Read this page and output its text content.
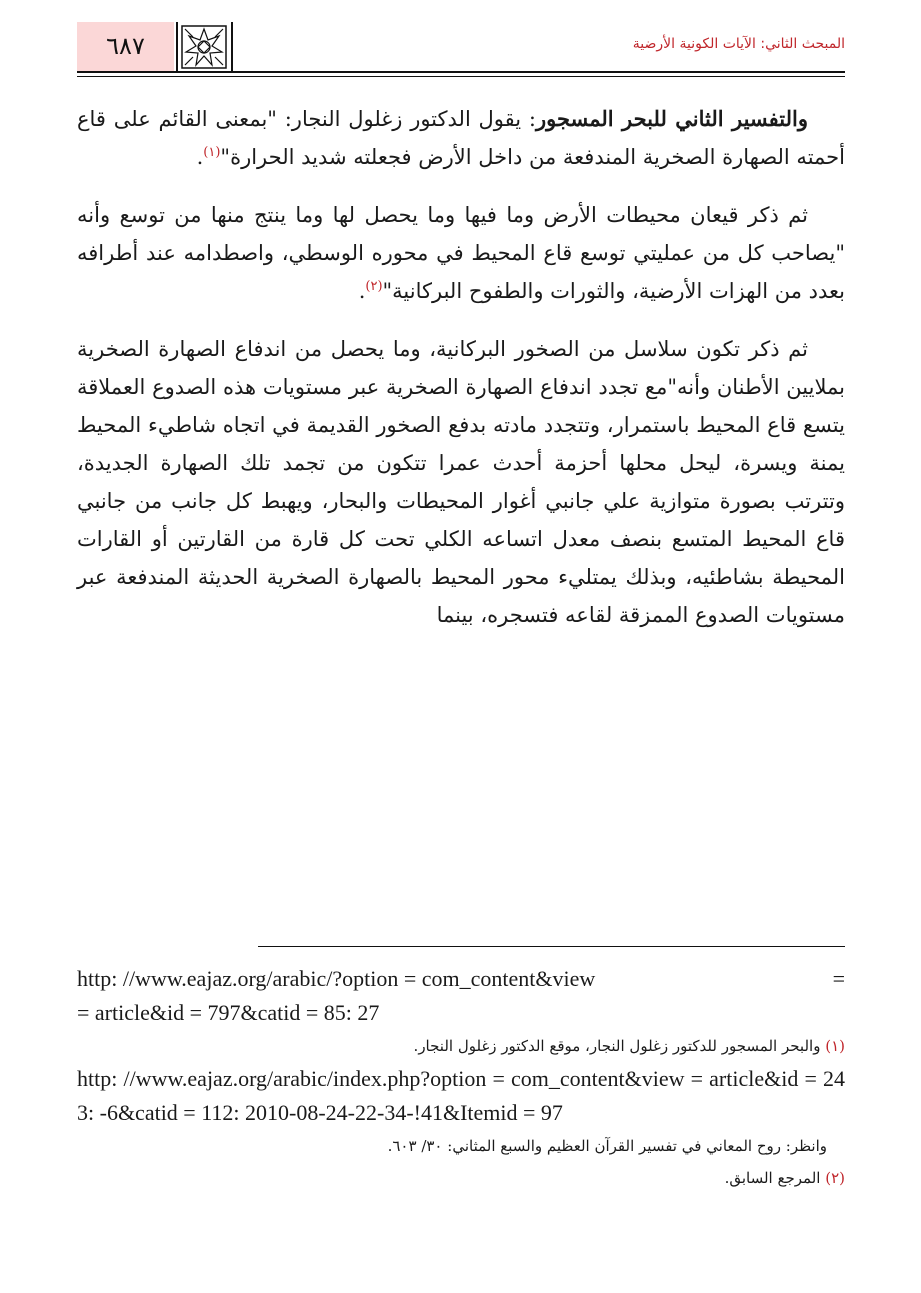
٦٨٧	المبحث الثاني: الآيات الكونية الأرضية

والتفسير الثاني للبحر المسجور: يقول الدكتور زغلول النجار: "بمعنى القائم على قاع أحمته الصهارة الصخرية المندفعة من داخل الأرض فجعلته شديد الحرارة"$^{(١)}$.

ثم ذكر قيعان محيطات الأرض وما فيها وما يحصل لها وما ينتج منها من توسع وأنه "يصاحب كل من عمليتي توسع قاع المحيط في محوره الوسطي، واصطدامه عند أطرافه بعدد من الهزات الأرضية، والثورات والطفوح البركانية"$^{(٢)}$.

ثم ذكر تكون سلاسل من الصخور البركانية، وما يحصل من اندفاع الصهارة الصخرية بملايين الأطنان وأنه"مع تجدد اندفاع الصهارة الصخرية عبر مستويات هذه الصدوع العملاقة يتسع قاع المحيط باستمرار، وتتجدد مادته بدفع الصخور القديمة في اتجاه شاطيء المحيط يمنة ويسرة، ليحل محلها أحزمة أحدث عمرا تتكون من تجمد تلك الصهارة الجديدة، وتترتب بصورة متوازية علي جانبي أغوار المحيطات والبحار، ويهبط كل جانب من جانبي قاع المحيط المتسع بنصف معدل اتساعه الكلي تحت كل قارة من القارتين أو القارات المحيطة بشاطئيه، وبذلك يمتليء محور المحيط بالصهارة الصخرية الحديثة المندفعة عبر مستويات الصدوع الممزقة لقاعه فتسجره، بينما

http: //www.eajaz.org/arabic/?option = com_content&view	=

= article&id = 797&catid = 85: 27

(١) والبحر المسجور للدكتور زغلول النجار، موقع الدكتور زغلول النجار.

http: //www.eajaz.org/arabic/index.php?option = com_content&view = article&id = 243: -6&catid = 112: 2010-08-24-22-34-!41&Itemid = 97

وانظر: روح المعاني في تفسير القرآن العظيم والسبع المثاني: ٣٠/ ٦٠٣.

(٢) المرجع السابق.
